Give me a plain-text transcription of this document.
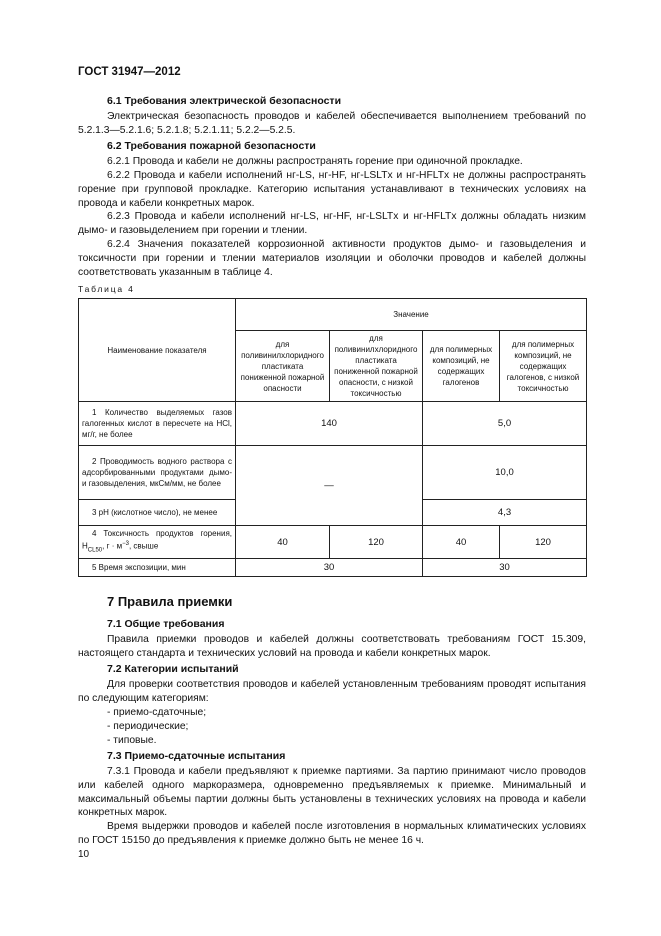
ГОСТ 31947—2012
6.1 Требования электрической безопасности

Электрическая безопасность проводов и кабелей обеспечивается выполнением требований по 5.2.1.3—5.2.1.6; 5.2.1.8; 5.2.1.11; 5.2.2—5.2.5.

6.2 Требования пожарной безопасности

6.2.1 Провода и кабели не должны распространять горение при одиночной прокладке.

6.2.2 Провода и кабели исполнений нг-LS, нг-HF, нг-LSLTx и нг-HFLTx не должны распространять горение при групповой прокладке. Категорию испытания устанавливают в технических условиях на провода и кабели конкретных марок.

6.2.3 Провода и кабели исполнений нг-LS, нг-HF, нг-LSLTx и нг-HFLTx должны обладать низким дымо- и газовыделением при горении и тлении.

6.2.4 Значения показателей коррозионной активности продуктов дымо- и газовыделения и токсичности при горении и тлении материалов изоляции и оболочки проводов и кабелей должны соответствовать указанным в таблице 4.

Таблица 4
Наименование показателя	Значение			
	для поливинилхлоридного пластиката пониженной пожарной опасности	для поливинилхлоридного пластиката пониженной пожарной опасности, с низкой токсичностью	для полимерных композиций, не содержащих галогенов	для полимерных композиций, не содержащих галогенов, с низкой токсичностью
1 Количество выделяемых газов галогенных кислот в пересчете на HCl, мг/г, не более	140		5,0	
2 Проводимость водного раствора с адсорбированными продуктами дымо- и газовыделения, мкСм/мм, не более	—		10,0	
3 pH (кислотное число), не менее			4,3	
4 Токсичность продуктов горения, $H_{CL50}$, $г \cdot м^{-3}$, свыше	40	120	40	120
5 Время экспозиции, мин	30		30	
7 Правила приемки
7.1 Общие требования

Правила приемки проводов и кабелей должны соответствовать требованиям ГОСТ 15.309, настоящего стандарта и технических условий на провода и кабели конкретных марок.

7.2 Категории испытаний

Для проверки соответствия проводов и кабелей установленным требованиям проводят испытания по следующим категориям:

- приемо-сдаточные;
- периодические;
- типовые.
7.3 Приемо-сдаточные испытания

7.3.1 Провода и кабели предъявляют к приемке партиями. За партию принимают число проводов или кабелей одного маркоразмера, одновременно предъявляемых к приемке. Минимальный и максимальный объемы партии должны быть установлены в технических условиях на провода и кабели конкретных марок.

Время выдержки проводов и кабелей после изготовления в нормальных климатических условиях по ГОСТ 15150 до предъявления к приемке должно быть не менее 16 ч.

10
